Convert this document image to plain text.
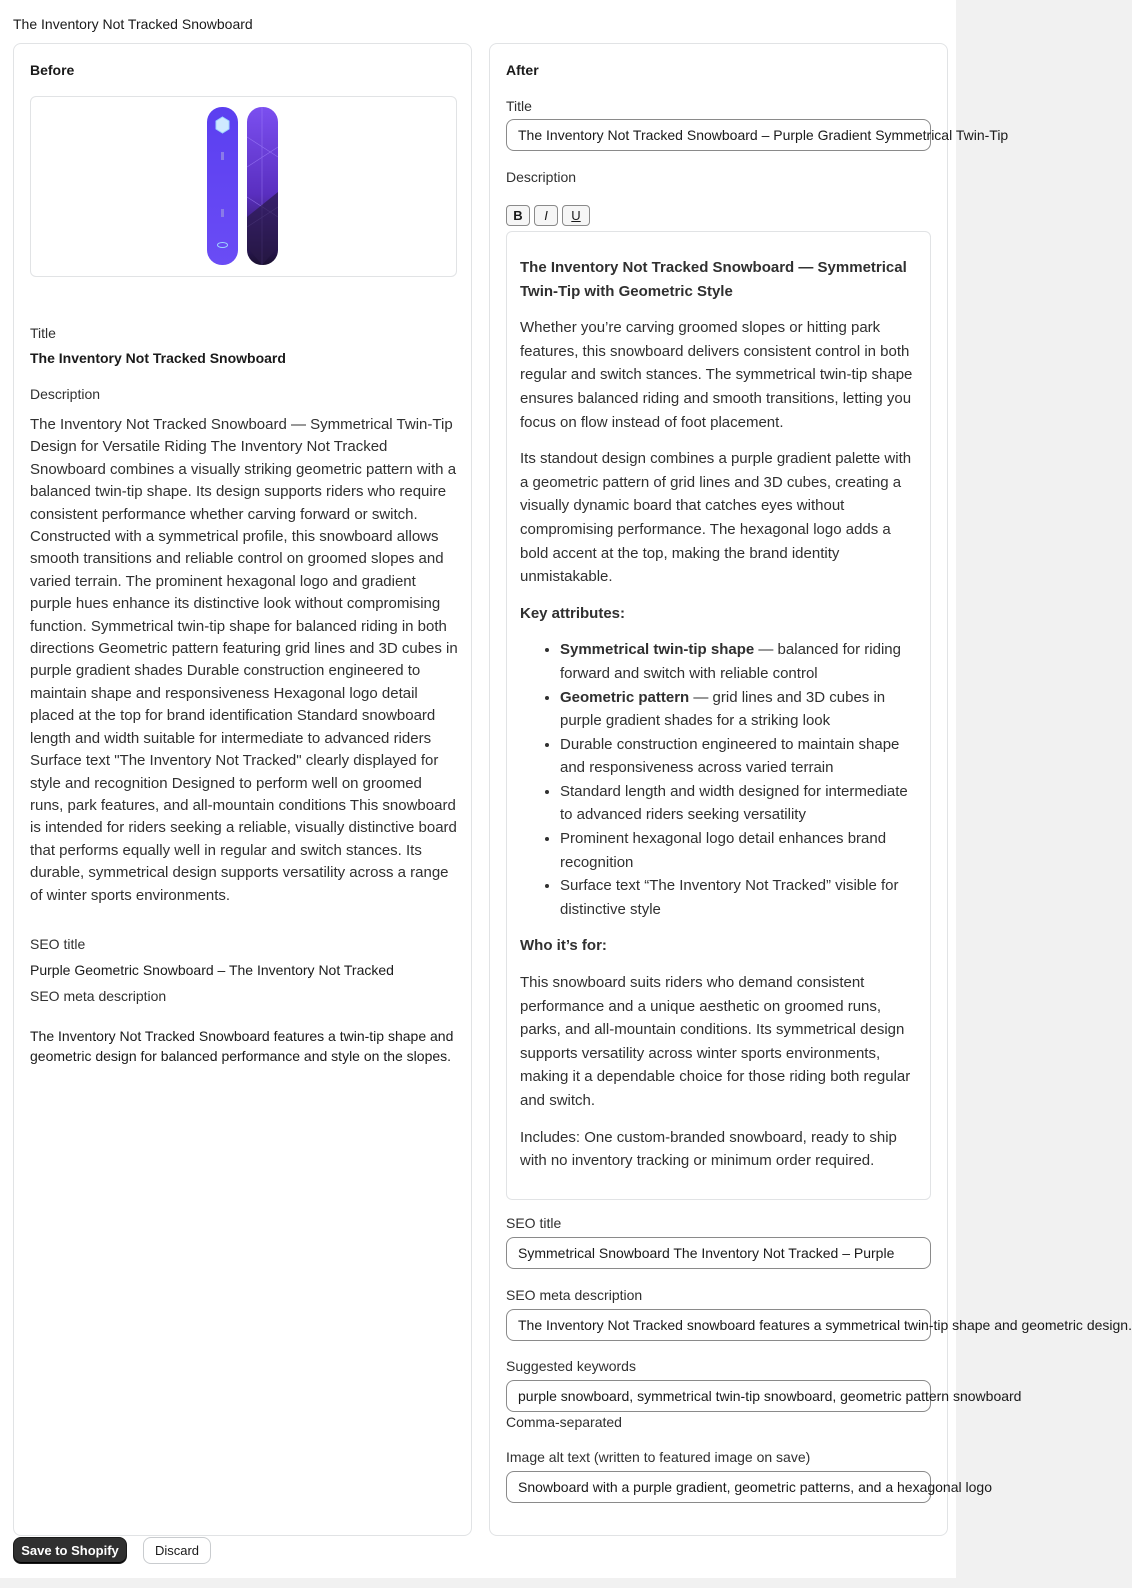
The Inventory Not Tracked Snowboard
Before
Title
The Inventory Not Tracked Snowboard
Description
The Inventory Not Tracked Snowboard — Symmetrical Twin-Tip Design for Versatile Riding The Inventory Not Tracked Snowboard combines a visually striking geometric pattern with a balanced twin-tip shape. Its design supports riders who require consistent performance whether carving forward or switch. Constructed with a symmetrical profile, this snowboard allows smooth transitions and reliable control on groomed slopes and varied terrain. The prominent hexagonal logo and gradient purple hues enhance its distinctive look without compromising function. Symmetrical twin-tip shape for balanced riding in both directions Geometric pattern featuring grid lines and 3D cubes in purple gradient shades Durable construction engineered to maintain shape and responsiveness Hexagonal logo detail placed at the top for brand identification Standard snowboard length and width suitable for intermediate to advanced riders Surface text "The Inventory Not Tracked" clearly displayed for style and recognition Designed to perform well on groomed runs, park features, and all-mountain conditions This snowboard is intended for riders seeking a reliable, visually distinctive board that performs equally well in regular and switch stances. Its durable, symmetrical design supports versatility across a range of winter sports environments.
SEO title
Purple Geometric Snowboard – The Inventory Not Tracked
SEO meta description
The Inventory Not Tracked Snowboard features a twin-tip shape and geometric design for balanced performance and style on the slopes.
After
Title
The Inventory Not Tracked Snowboard – Purple Gradient Symmetrical Twin-Tip
Description
B	I	U
The Inventory Not Tracked Snowboard — Symmetrical Twin-Tip with Geometric Style

Whether you’re carving groomed slopes or hitting park features, this snowboard delivers consistent control in both regular and switch stances. The symmetrical twin-tip shape ensures balanced riding and smooth transitions, letting you focus on flow instead of foot placement.

Its standout design combines a purple gradient palette with a geometric pattern of grid lines and 3D cubes, creating a visually dynamic board that catches eyes without compromising performance. The hexagonal logo adds a bold accent at the top, making the brand identity unmistakable.

Key attributes:

• Symmetrical twin-tip shape — balanced for riding forward and switch with reliable control
• Geometric pattern — grid lines and 3D cubes in purple gradient shades for a striking look
• Durable construction engineered to maintain shape and responsiveness across varied terrain
• Standard length and width designed for intermediate to advanced riders seeking versatility
• Prominent hexagonal logo detail enhances brand recognition
• Surface text “The Inventory Not Tracked” visible for distinctive style

Who it’s for:

This snowboard suits riders who demand consistent performance and a unique aesthetic on groomed runs, parks, and all-mountain conditions. Its symmetrical design supports versatility across winter sports environments, making it a dependable choice for those riding both regular and switch.

Includes: One custom-branded snowboard, ready to ship with no inventory tracking or minimum order required.

SEO title
Symmetrical Snowboard The Inventory Not Tracked – Purple
SEO meta description
The Inventory Not Tracked snowboard features a symmetrical twin-tip shape and geometric design.
Suggested keywords
purple snowboard, symmetrical twin-tip snowboard, geometric pattern snowboard
Comma-separated
Image alt text (written to featured image on save)
Snowboard with a purple gradient, geometric patterns, and a hexagonal logo
Save to Shopify	Discard
